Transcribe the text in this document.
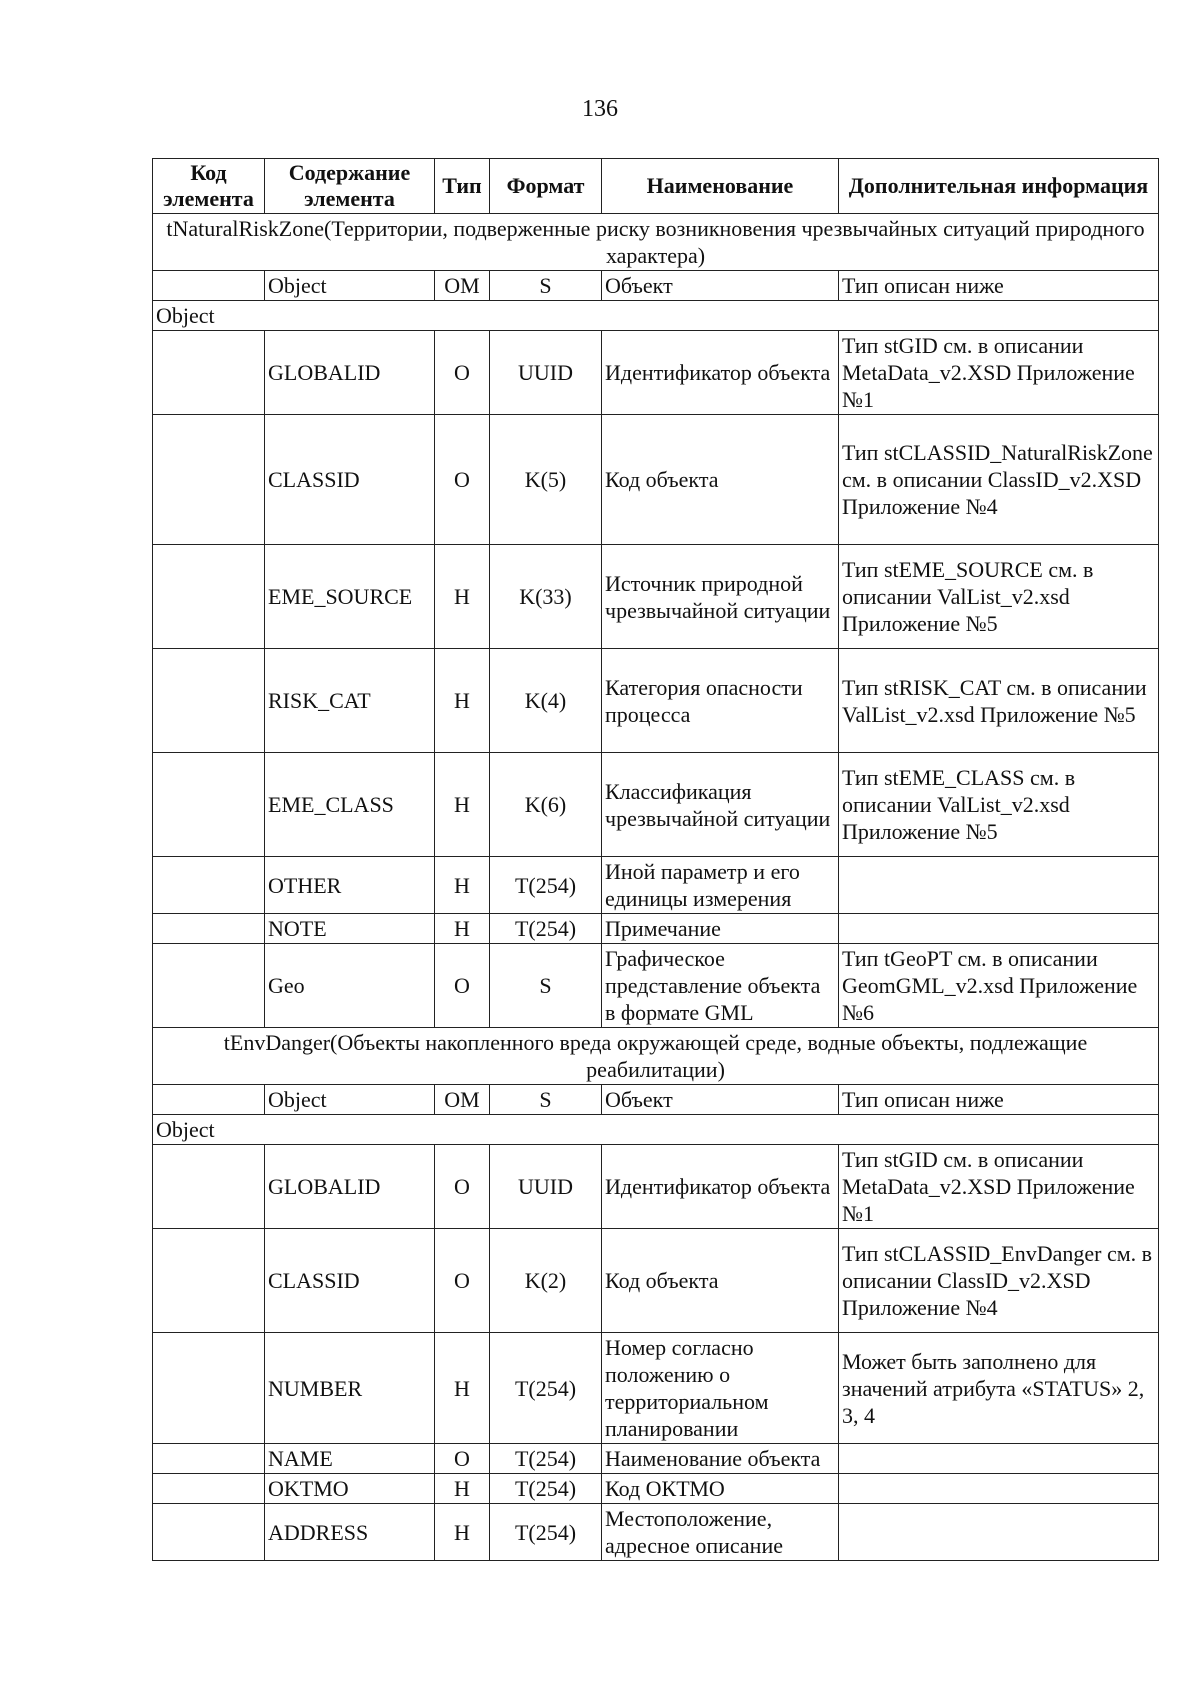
136
Код элемента	Содержание элемента	Тип	Формат	Наименование	Дополнительная информация
tNaturalRiskZone(Территории, подверженные риску возникновения чрезвычайных ситуаций природного характера)					
	Object	OM	S	Объект	Тип описан ниже
Object					
	GLOBALID	O	UUID	Идентификатор объекта	Тип stGID см. в описании MetaData_v2.XSD Приложение №1
	CLASSID	O	K(5)	Код объекта	Тип stCLASSID_NaturalRiskZone см. в описании ClassID_v2.XSD Приложение №4
	EME_SOURCE	H	K(33)	Источник природной чрезвычайной ситуации	Тип stEME_SOURCE см. в описании ValList_v2.xsd Приложение №5
	RISK_CAT	H	K(4)	Категория опасности процесса	Тип stRISK_CAT см. в описании ValList_v2.xsd Приложение №5
	EME_CLASS	H	K(6)	Классификация чрезвычайной ситуации	Тип stEME_CLASS см. в описании ValList_v2.xsd Приложение №5
	OTHER	H	T(254)	Иной параметр и его единицы измерения	
	NOTE	H	T(254)	Примечание	
	Geo	O	S	Графическое представление объекта в формате GML	Тип tGeoPT см. в описании GeomGML_v2.xsd Приложение №6
tEnvDanger(Объекты накопленного вреда окружающей среде, водные объекты, подлежащие реабилитации)					
	Object	OM	S	Объект	Тип описан ниже
Object					
	GLOBALID	O	UUID	Идентификатор объекта	Тип stGID см. в описании MetaData_v2.XSD Приложение №1
	CLASSID	O	K(2)	Код объекта	Тип stCLASSID_EnvDanger см. в описании ClassID_v2.XSD Приложение №4
	NUMBER	H	T(254)	Номер согласно положению о территориальном планировании	Может быть заполнено для значений атрибута «STATUS» 2, 3, 4
	NAME	O	T(254)	Наименование объекта	
	OKTMO	H	T(254)	Код ОКТМО	
	ADDRESS	H	T(254)	Местоположение, адресное описание	
